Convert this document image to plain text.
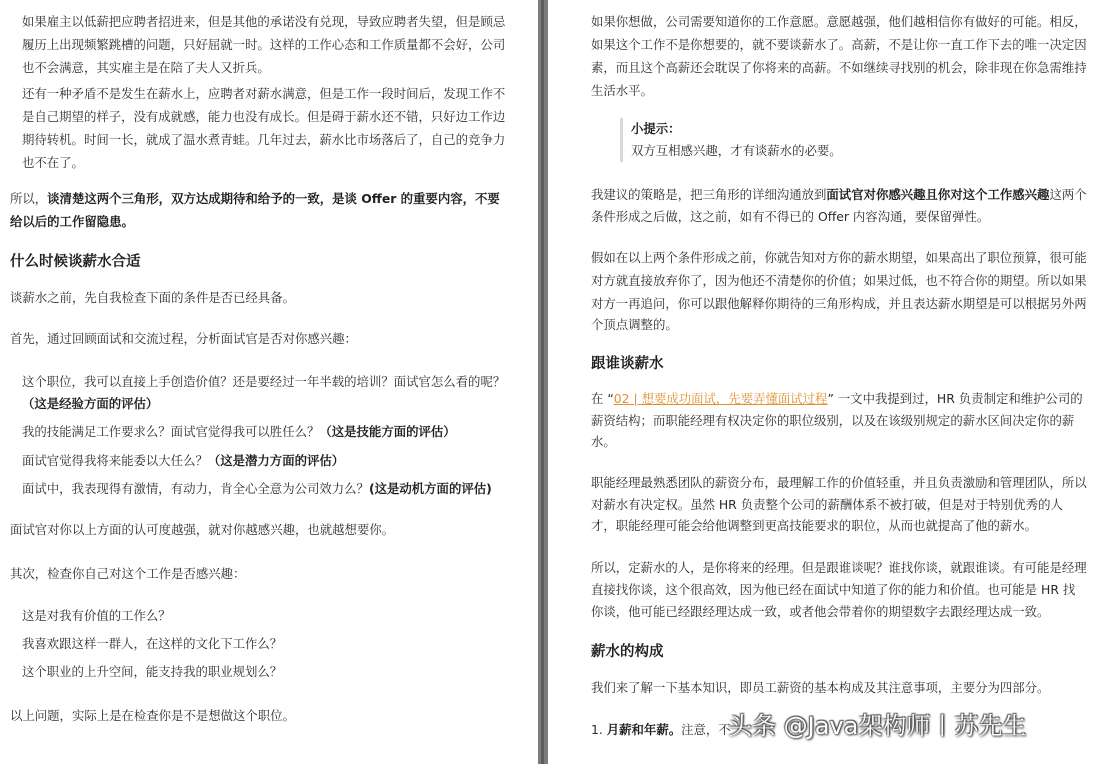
如果雇主以低薪把应聘者招进来，但是其他的承诺没有兑现，导致应聘者失望，但是顾忌

履历上出现频繁跳槽的问题，只好屈就一时。这样的工作心态和工作质量都不会好，公司

也不会满意，其实雇主是在陪了夫人又折兵。

还有一种矛盾不是发生在薪水上，应聘者对薪水满意，但是工作一段时间后，发现工作不

是自己期望的样子，没有成就感，能力也没有成长。但是碍于薪水还不错，只好边工作边

期待转机。时间一长，就成了温水煮青蛙。几年过去，薪水比市场落后了，自己的竞争力

也不在了。

所以，谈清楚这两个三角形，双方达成期待和给予的一致，是谈 Offer 的重要内容，不要

给以后的工作留隐患。

什么时候谈薪水合适

谈薪水之前，先自我检查下面的条件是否已经具备。

首先，通过回顾面试和交流过程，分析面试官是否对你感兴趣：

这个职位，我可以直接上手创造价值？还是要经过一年半载的培训？面试官怎么看的呢？

（这是经验方面的评估）

我的技能满足工作要求么？面试官觉得我可以胜任么？（这是技能方面的评估）

面试官觉得我将来能委以大任么？（这是潜力方面的评估）

面试中，我表现得有激情，有动力，肯全心全意为公司效力么？(这是动机方面的评估)

面试官对你以上方面的认可度越强，就对你越感兴趣，也就越想要你。

其次，检查你自己对这个工作是否感兴趣：

这是对我有价值的工作么？

我喜欢跟这样一群人，在这样的文化下工作么？

这个职业的上升空间，能支持我的职业规划么？

以上问题，实际上是在检查你是不是想做这个职位。

如果你想做，公司需要知道你的工作意愿。意愿越强，他们越相信你有做好的可能。相反，

如果这个工作不是你想要的，就不要谈薪水了。高薪，不是让你一直工作下去的唯一决定因

素，而且这个高薪还会耽误了你将来的高薪。不如继续寻找别的机会，除非现在你急需维持

生活水平。

小提示：

双方互相感兴趣，才有谈薪水的必要。

我建议的策略是，把三角形的详细沟通放到面试官对你感兴趣且你对这个工作感兴趣这两个

条件形成之后做，这之前，如有不得已的 Offer 内容沟通，要保留弹性。

假如在以上两个条件形成之前，你就告知对方你的薪水期望，如果高出了职位预算，很可能

对方就直接放弃你了，因为他还不清楚你的价值；如果过低，也不符合你的期望。所以如果

对方一再追问，你可以跟他解释你期待的三角形构成，并且表达薪水期望是可以根据另外两

个顶点调整的。

跟谁谈薪水

在 “02 | 想要成功面试，先要弄懂面试过程” 一文中我提到过，HR 负责制定和维护公司的

薪资结构；而职能经理有权决定你的职位级别，以及在该级别规定的薪水区间决定你的薪

水。

职能经理最熟悉团队的薪资分布，最理解工作的价值轻重，并且负责激励和管理团队，所以

对薪水有决定权。虽然 HR 负责整个公司的薪酬体系不被打破，但是对于特别优秀的人

才，职能经理可能会给他调整到更高技能要求的职位，从而也就提高了他的薪水。

所以，定薪水的人，是你将来的经理。但是跟谁谈呢？谁找你谈，就跟谁谈。有可能是经理

直接找你谈，这个很高效，因为他已经在面试中知道了你的能力和价值。也可能是 HR 找

你谈，他可能已经跟经理达成一致，或者他会带着你的期望数字去跟经理达成一致。

薪水的构成

我们来了解一下基本知识，即员工薪资的基本构成及其注意事项，主要分为四部分。

1. 月薪和年薪。注意，不

头条 @Java架构师丨苏先生
